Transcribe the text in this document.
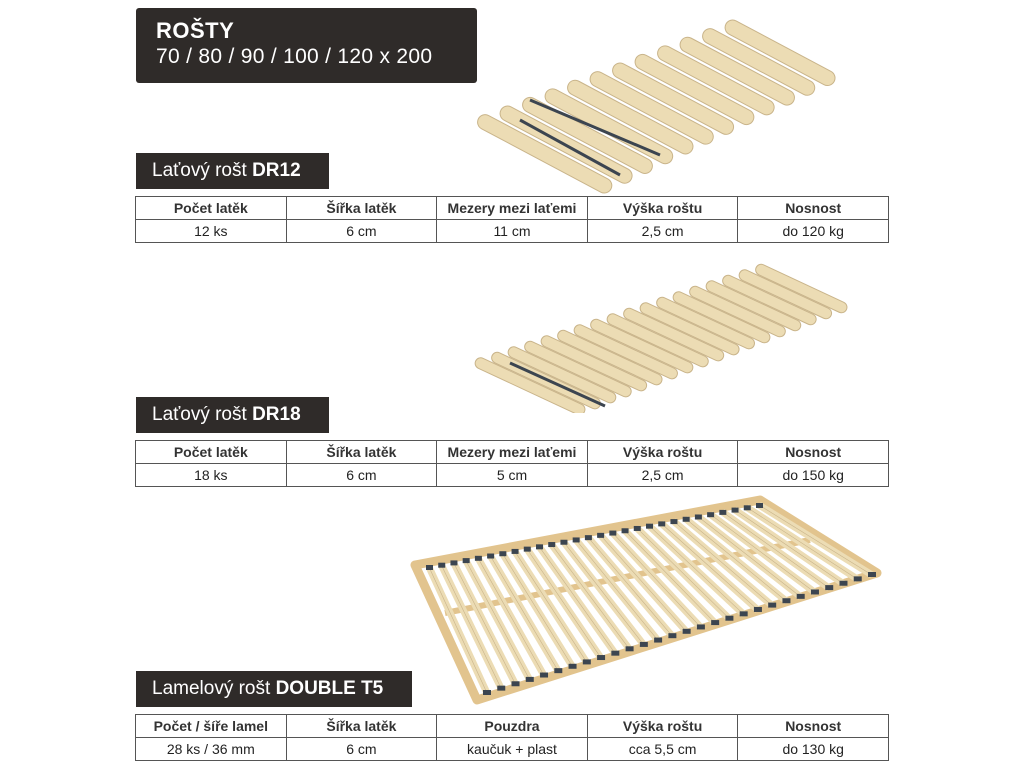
ROŠTY
70 / 80 / 90 / 100 / 120 x 200
Laťový rošt DR12
Počet latěk	Šířka latěk	Mezery mezi laťemi	Výška roštu	Nosnost
12 ks	6 cm	11 cm	2,5 cm	do 120 kg
Laťový rošt DR18
Počet latěk	Šířka latěk	Mezery mezi laťemi	Výška roštu	Nosnost
18 ks	6 cm	5 cm	2,5 cm	do 150 kg
Lamelový rošt DOUBLE T5
Počet / šíře lamel	Šířka latěk	Pouzdra	Výška roštu	Nosnost
28 ks / 36 mm	6 cm	kaučuk + plast	cca 5,5 cm	do 130 kg
